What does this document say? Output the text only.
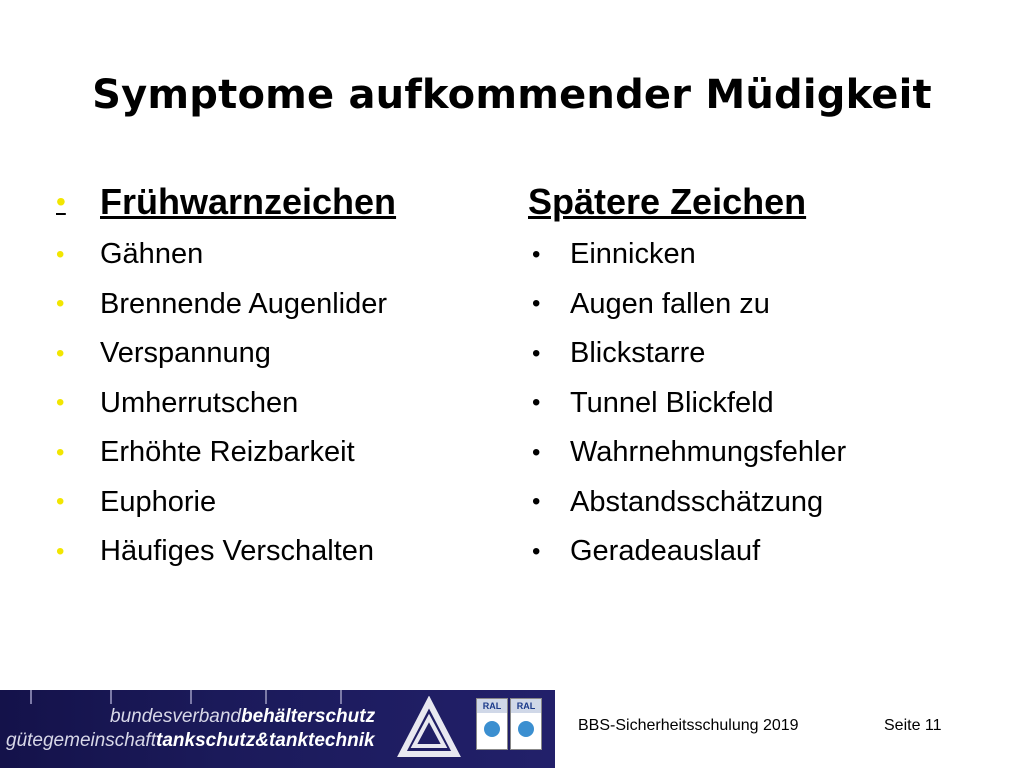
Symptome aufkommender Müdigkeit
• Frühwarnzeichen
•	Gähnen
•	Brennende Augenlider
•	Verspannung
•	Umherrutschen
•	Erhöhte Reizbarkeit
•	Euphorie
•	Häufiges Verschalten
Spätere Zeichen
•	Einnicken
•	Augen fallen zu
•	Blickstarre
•	Tunnel Blickfeld
•	Wahrnehmungsfehler
•	Abstandsschätzung
•	Geradeauslauf
bundesverbandbehälterschutz
gütegemeinschafttankschutz&tanktechnik
RAL	RAL
BBS-Sicherheitsschulung 2019	Seite 11
